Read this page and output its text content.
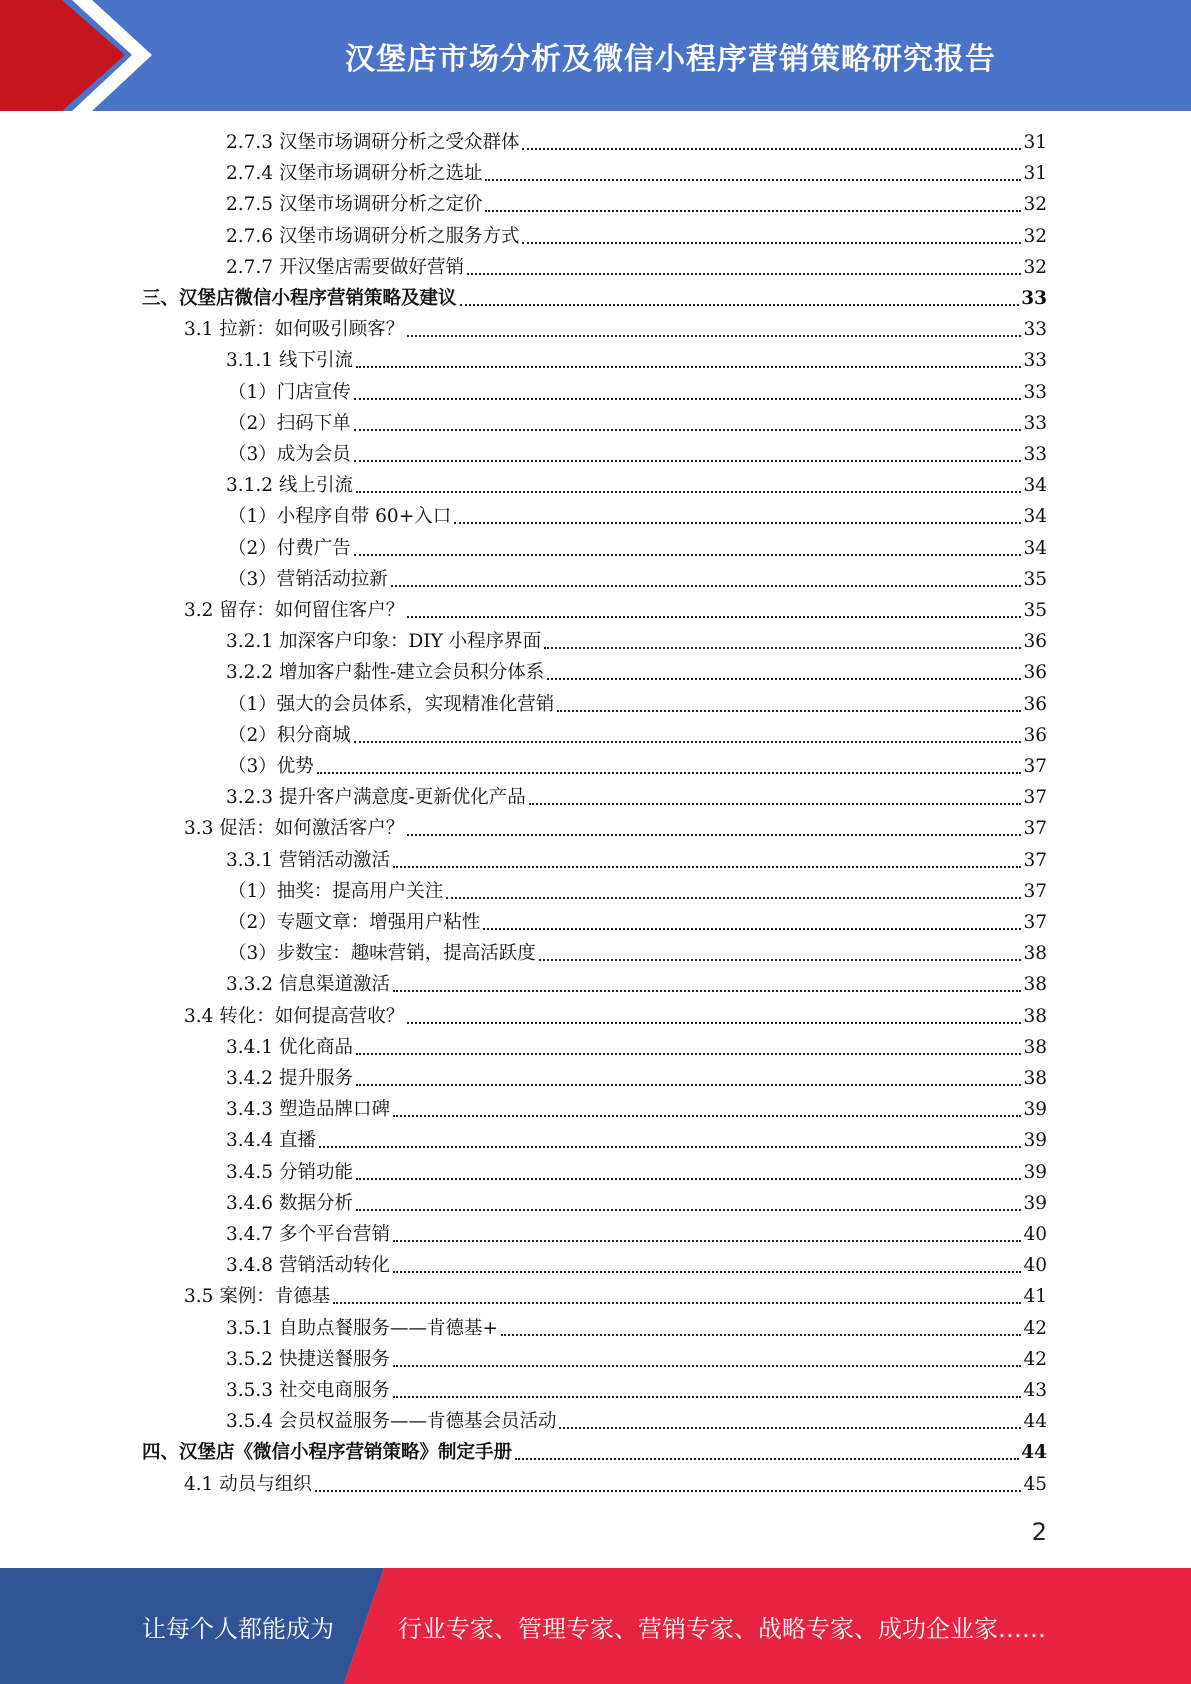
汉堡店市场分析及微信小程序营销策略研究报告
2.7.3 汉堡市场调研分析之受众群体	31
2.7.4 汉堡市场调研分析之选址	31
2.7.5 汉堡市场调研分析之定价	32
2.7.6 汉堡市场调研分析之服务方式	32
2.7.7 开汉堡店需要做好营销	32
三、汉堡店微信小程序营销策略及建议	33
3.1 拉新：如何吸引顾客？	33
3.1.1 线下引流	33
（1）门店宣传	33
（2）扫码下单	33
（3）成为会员	33
3.1.2 线上引流	34
（1）小程序自带 60+入口	34
（2）付费广告	34
（3）营销活动拉新	35
3.2 留存：如何留住客户？	35
3.2.1 加深客户印象：DIY 小程序界面	36
3.2.2 增加客户黏性-建立会员积分体系	36
（1）强大的会员体系，实现精准化营销	36
（2）积分商城	36
（3）优势	37
3.2.3 提升客户满意度-更新优化产品	37
3.3 促活：如何激活客户？	37
3.3.1 营销活动激活	37
（1）抽奖：提高用户关注	37
（2）专题文章：增强用户粘性	37
（3）步数宝：趣味营销，提高活跃度	38
3.3.2 信息渠道激活	38
3.4 转化：如何提高营收？	38
3.4.1 优化商品	38
3.4.2 提升服务	38
3.4.3 塑造品牌口碑	39
3.4.4 直播	39
3.4.5 分销功能	39
3.4.6 数据分析	39
3.4.7 多个平台营销	40
3.4.8 营销活动转化	40
3.5 案例：肯德基	41
3.5.1 自助点餐服务——肯德基+	42
3.5.2 快捷送餐服务	42
3.5.3 社交电商服务	43
3.5.4 会员权益服务——肯德基会员活动	44
四、汉堡店《微信小程序营销策略》制定手册	44
4.1 动员与组织	45
2
让每个人都能成为	行业专家、管理专家、营销专家、战略专家、成功企业家……
